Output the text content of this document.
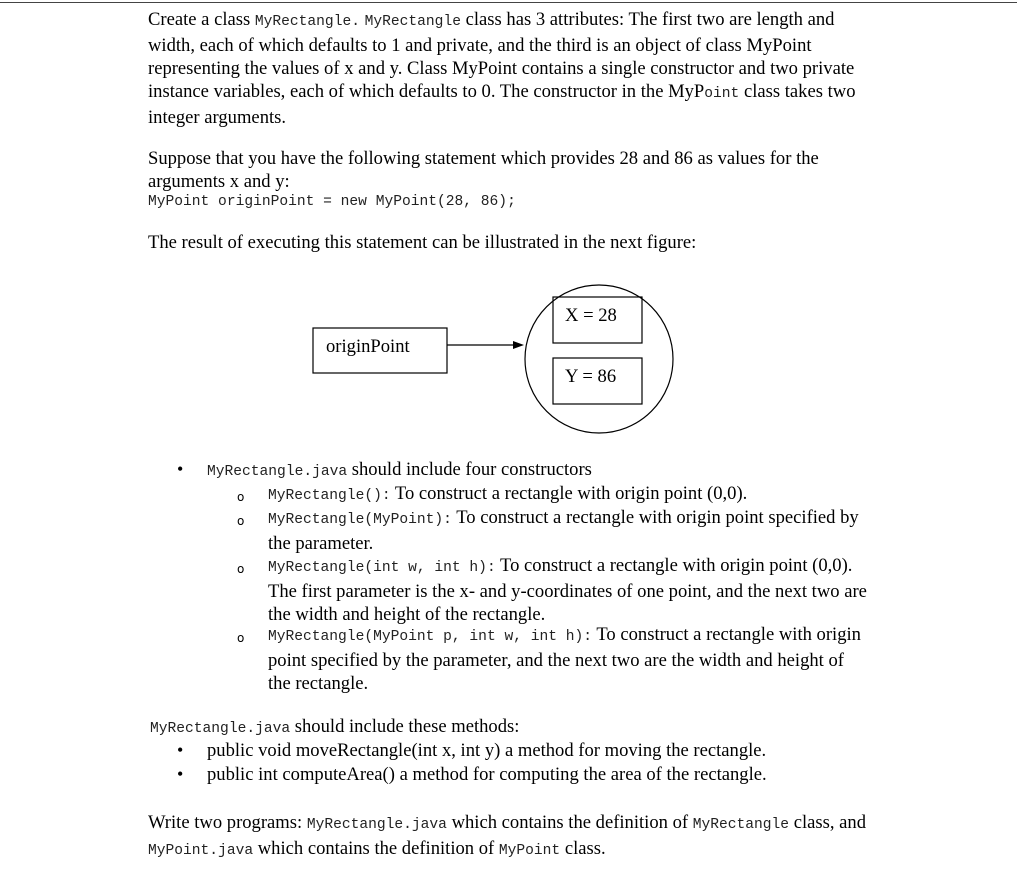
Create a class MyRectangle. MyRectangle class has 3 attributes: The first two are length and width, each of which defaults to 1 and private, and the third is an object of class MyPoint representing the values of x and y. Class MyPoint contains a single constructor and two private instance variables, each of which defaults to 0. The constructor in the MyPoint class takes two integer arguments.

Suppose that you have the following statement which provides 28 and 86 as values for the arguments x and y:

MyPoint originPoint = new MyPoint(28, 86);

The result of executing this statement can be illustrated in the next figure:

originPoint
X = 28
Y = 86
• MyRectangle.java should include four constructors

o MyRectangle(): To construct a rectangle with origin point (0,0).

o MyRectangle(MyPoint): To construct a rectangle with origin point specified by the parameter.

o MyRectangle(int w, int h): To construct a rectangle with origin point (0,0). The first parameter is the x- and y-coordinates of one point, and the next two are the width and height of the rectangle.

o MyRectangle(MyPoint p, int w, int h): To construct a rectangle with origin point specified by the parameter, and the next two are the width and height of the rectangle.

MyRectangle.java should include these methods:

• public void moveRectangle(int x, int y) a method for moving the rectangle.

• public int computeArea() a method for computing the area of the rectangle.

Write two programs: MyRectangle.java which contains the definition of MyRectangle class, and MyPoint.java which contains the definition of MyPoint class.
